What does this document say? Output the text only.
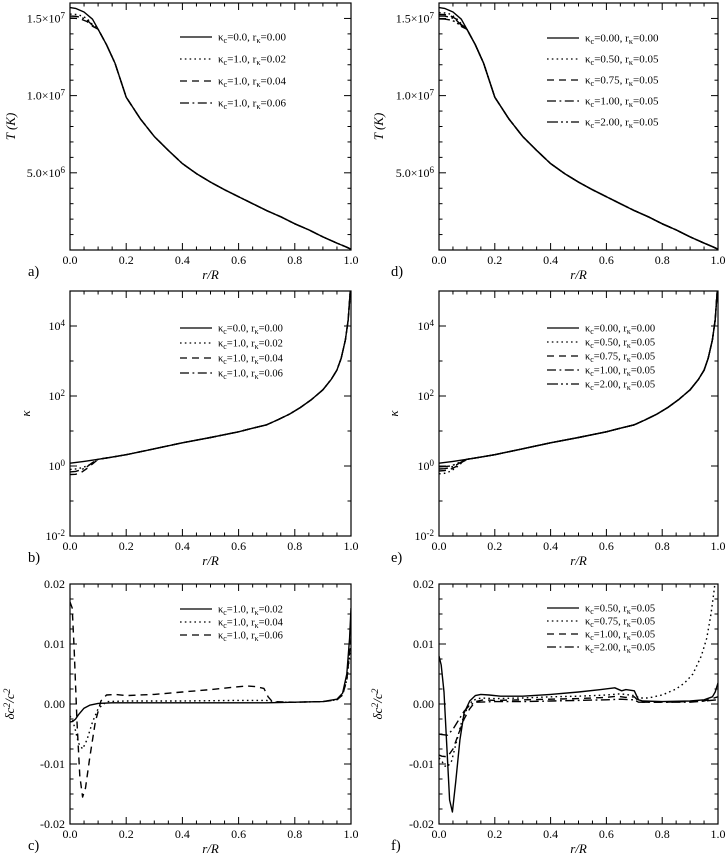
0.0	0.2	0.4	0.6	0.8	1.0
$5.0\times 10^6$
$1.0\times 10^7$
$1.5\times 10^7$
r/R
T (K)
a)
$\kappa_c=0.0$, $r_\kappa=0.00$
$\kappa_c=1.0$, $r_\kappa=0.02$
$\kappa_c=1.0$, $r_\kappa=0.04$
$\kappa_c=1.0$, $r_\kappa=0.06$
0.0	0.2	0.4	0.6	0.8	1.0
$5.0\times 10^6$
$1.0\times 10^7$
$1.5\times 10^7$
r/R
T (K)
d)
$\kappa_c=0.00$, $r_\kappa=0.00$
$\kappa_c=0.50$, $r_\kappa=0.05$
$\kappa_c=0.75$, $r_\kappa=0.05$
$\kappa_c=1.00$, $r_\kappa=0.05$
$\kappa_c=2.00$, $r_\kappa=0.05$
0.0	0.2	0.4	0.6	0.8	1.0
$10^{-2}$
$10^0$
$10^2$
$10^4$
r/R
κ
b)
$\kappa_c=0.0$, $r_\kappa=0.00$
$\kappa_c=1.0$, $r_\kappa=0.02$
$\kappa_c=1.0$, $r_\kappa=0.04$
$\kappa_c=1.0$, $r_\kappa=0.06$
0.0	0.2	0.4	0.6	0.8	1.0
$10^{-2}$
$10^0$
$10^2$
$10^4$
r/R
κ
e)
$\kappa_c=0.00$, $r_\kappa=0.00$
$\kappa_c=0.50$, $r_\kappa=0.05$
$\kappa_c=0.75$, $r_\kappa=0.05$
$\kappa_c=1.00$, $r_\kappa=0.05$
$\kappa_c=2.00$, $r_\kappa=0.05$
0.0	0.2	0.4	0.6	0.8	1.0
-0.02
-0.01
0.00
0.01
0.02
r/R
$\delta c^2/c^2$
c)
$\kappa_c=1.0$, $r_\kappa=0.02$
$\kappa_c=1.0$, $r_\kappa=0.04$
$\kappa_c=1.0$, $r_\kappa=0.06$
0.0	0.2	0.4	0.6	0.8	1.0
-0.02
-0.01
0.00
0.01
0.02
r/R
$\delta c^2/c^2$
f)
$\kappa_c=0.50$, $r_\kappa=0.05$
$\kappa_c=0.75$, $r_\kappa=0.05$
$\kappa_c=1.00$, $r_\kappa=0.05$
$\kappa_c=2.00$, $r_\kappa=0.05$
